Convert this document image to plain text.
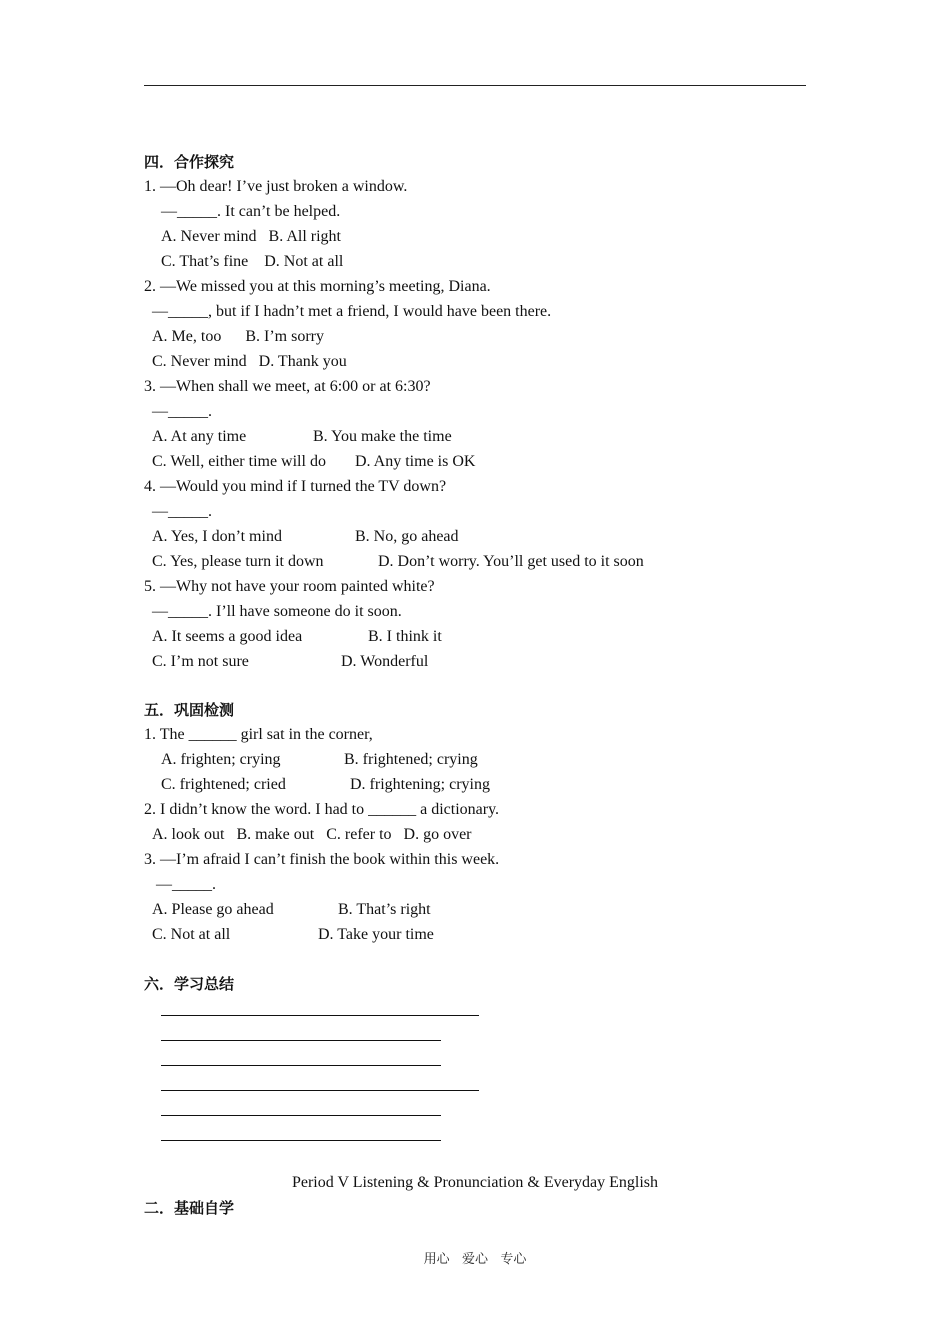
四．合作探究
1. —Oh dear! I’ve just broken a window.
—_____. It can’t be helped.
A. Never mind   B. All right
C. That’s fine    D. Not at all
2. —We missed you at this morning’s meeting, Diana.
—_____, but if I hadn’t met a friend, I would have been there.
A. Me, too      B. I’m sorry
C. Never mind   D. Thank you
3. —When shall we meet, at 6:00 or at 6:30?
—_____.
A. At any time	B. You make the time
C. Well, either time will do D. Any time is OK
4. —Would you mind if I turned the TV down?
—_____.
A. Yes, I don’t mind	B. No, go ahead
C. Yes, please turn it down	D. Don’t worry. You’ll get used to it soon
5. —Why not have your room painted white?
—_____. I’ll have someone do it soon.
A. It seems a good idea	B. I think it
C. I’m not sure	D. Wonderful
五．巩固检测
1. The ______ girl sat in the corner,
A. frighten; crying	B. frightened; crying
C. frightened; cried	D. frightening; crying
2. I didn’t know the word. I had to ______ a dictionary.
A. look out   B. make out   C. refer to   D. go over
3. —I’m afraid I can’t finish the book within this week.
—_____.
A. Please go ahead	B. That’s right
C. Not at all	D. Take your time
六．学习总结
Period V Listening & Pronunciation & Everyday English
二．基础自学
用心   爱心   专心
